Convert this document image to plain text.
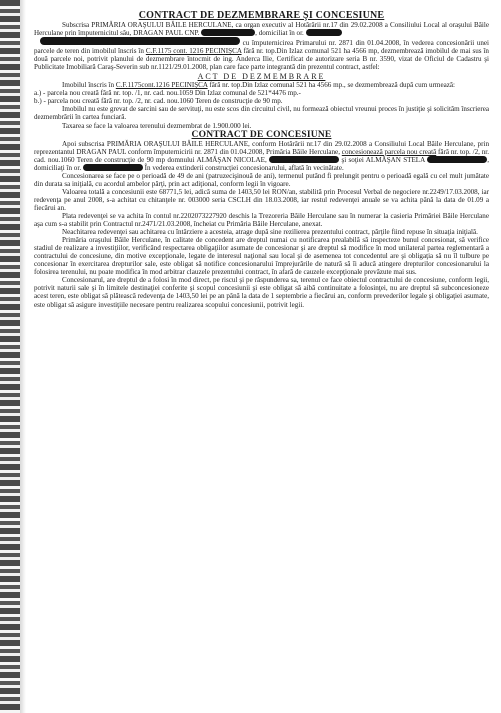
CONTRACT DE DEZMEMBRARE ŞI CONCESIUNE

Subscrisa PRIMĂRIA ORAŞULUI BĂILE HERCULANE, ca organ executiv al Hotărârii nr.17 din 29.02.2008 a Consiliului Local al oraşului Băile Herculane prin împuternicitul său, DRAGAN PAUL CNP.	, domiciliat în or.

cu împuternicirea Primarului nr. 2871 din 01.04.2008, în vederea concesionării unei parcele de teren din imobilul înscris în C.F.1175 cont. 1216 PECINIŞCA fără nr. top.Din Izlaz comunal 521 ha 4566 mp, dezmembrează imobilul de mai sus în două parcele noi, potrivit planului de dezmembrare întocmit de ing. Anderca Ilie, Certificat de autorizare seria B nr. 3590, vizat de Oficiul de Cadastru şi Publicitate Imobiliară Caraş-Severin sub nr.1121/29.01.2008, plan care face parte integrantă din prezentul contract, astfel:
ACT DE DEZMEMBRARE

Imobilul înscris în C.F.1175cont.1216 PECINIŞCA fără nr. top.Din Izlaz comunal 521 ha 4566 mp., se dezmembrează după cum urmează:

a.) - parcela nou creată fără nr. top. /1, nr. cad. nou.1059 Din Izlaz comunal de 521*4476 mp.-

b.) - parcela nou creată fără nr. top. /2, nr. cad. nou.1060 Teren de construcţie de 90 mp.

Imobilul nu este grevat de sarcini sau de servituţi, nu este scos din circuitul civil, nu formează obiectul vreunui proces în justiţie şi solicităm înscrierea dezmembrării în cartea funciară.

Taxarea se face la valoarea terenului dezmembrat de 1.900.000 lei.

CONTRACT DE CONCESIUNE

Apoi subscrisa PRIMĂRIA ORAŞULUI BĂILE HERCULANE, conform Hotărârii nr.17 din 29.02.2008 a Consiliului Local Băile Herculane, prin reprezentantul DRAGAN PAUL conform împuternicirii nr. 2871 din 01.04.2008, Primăria Băile Herculane, concesionează parcela nou creată fără nr. top. /2, nr. cad. nou.1060 Teren de construcţie de 90 mp domnului ALMĂŞAN NICOLAE,	şi soţiei ALMĂŞAN STELA	, domiciliaţi în or.	În vederea extinderii construcţiei concesionarului, aflată în vecinătate.

Concesionarea se face pe o perioadă de 49 de ani (patruzecişinouă de ani), termenul putând fi prelungit pentru o perioadă egală cu cel mult jumătate din durata sa iniţială, cu acordul ambelor părţi, prin act adiţional, conform legii în vigoare.

Valoarea totală a concesiunii este 68771,5 lei, adică suma de 1403,50 lei RON/an, stabilită prin Procesul Verbal de negociere nr.2249/17.03.2008, iar redevenţa pe anul 2008, s-a achitat cu chitanţele nr. 003000 seria CSCLH din 18.03.2008, iar restul redevenţei anuale se va achita până la data de 01.09 a fiecărui an.

Plata redevenţei se va achita în contul nr.2202073227920 deschis la Trezoreria Băile Herculane sau în numerar la casieria Primăriei Băile Herculane aşa cum s-a stabilit prin Contractul nr.2471/21.03.2008, încheiat cu Primăria Băile Herculane, anexat.

Neachitarea redevenţei sau achitarea cu întârziere a acesteia, atrage după sine rezilierea prezentului contract, părţile fiind repuse în situaţia iniţială.

Primăria oraşului Băile Herculane, în calitate de concedent are dreptul numai cu notificarea prealabilă să inspecteze bunul concesionat, să verifice stadiul de realizare a investiţiilor, verificând respectarea obligaţiilor asumate de concesionar şi are dreptul să modifice în mod unilateral partea reglementară a contractului de concesiune, din motive excepţionale, legate de interesul naţional sau local şi de asemenea tot concedentul are şi obligaţia să nu îl tulbure pe concesionar în exercitarea drepturilor sale, este obligat să notifice concesionarului împrejurările de natură să îi aducă atingere drepturilor concesionarului la folosirea terenului, nu poate modifica în mod arbitrar clauzele prezentului contract, în afară de cauzele excepţionale prevăzute mai sus.

Concesionarul, are dreptul de a folosi în mod direct, pe riscul şi pe răspunderea sa, terenul ce face obiectul contractului de concesiune, conform legii, potrivit naturii sale şi în limitele destinaţiei conferite şi scopul concesiunii şi este obligat să aibă continuitate a folosinţei, nu are dreptul să subconcesioneze acest teren, este obligat să plătească redevenţa de 1403,50 lei pe an până la data de 1 septembrie a fiecărui an, conform prevederilor legale şi obligaţiei asumate, este obligat să asigure investiţiile necesare pentru realizarea scopului concesiunii, potrivit legii.
